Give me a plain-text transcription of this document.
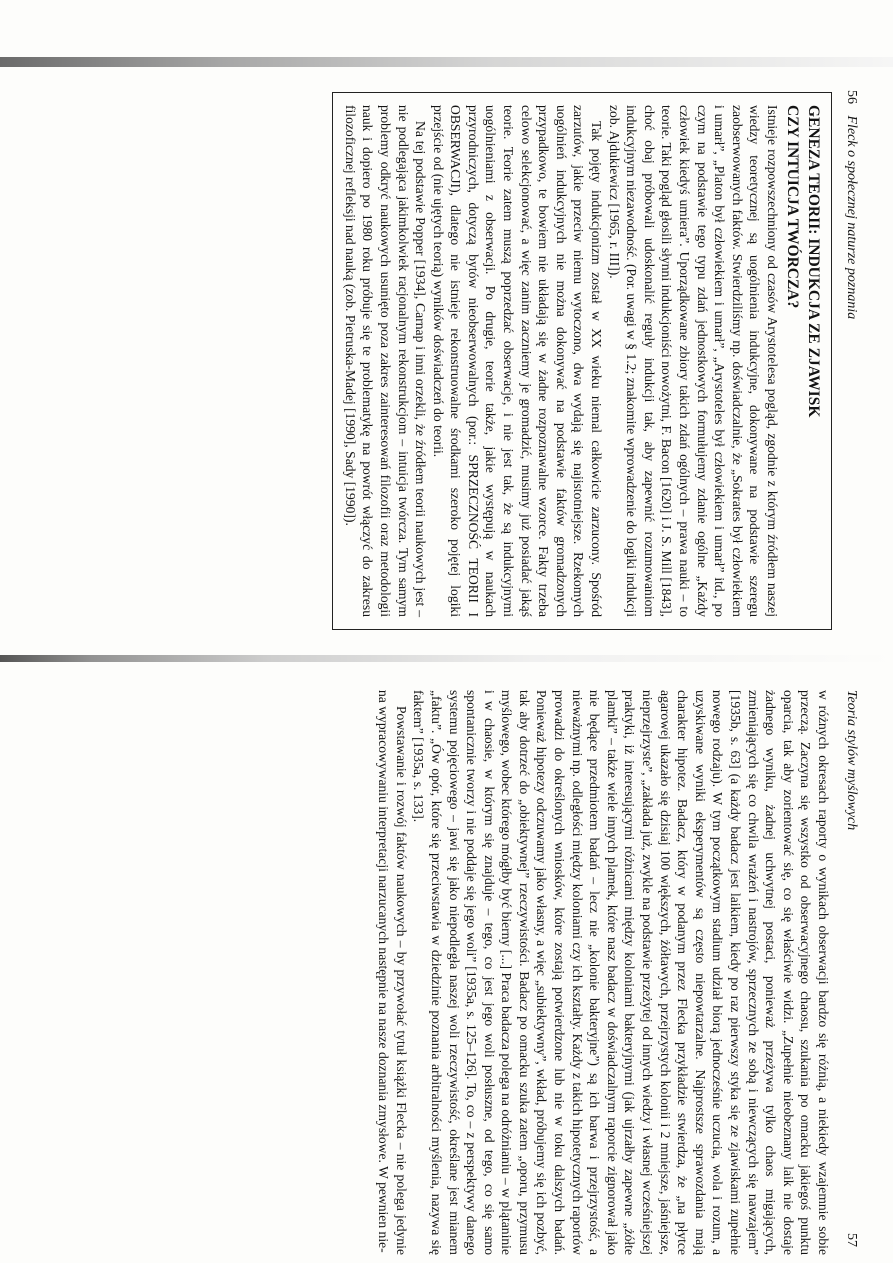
56 Fleck o społecznej naturze poznania

GENEZA TEORII: INDUKCJA ZE ZJAWISK

CZY INTUICJA TWÓRCZA?

Istnieje rozpowszechniony od czasów Arystotelesa pogląd, zgodnie z którym źródłem naszej wiedzy teoretycznej są uogólnienia indukcyjne, dokonywane na podstawie szeregu zaobserwowanych faktów. Stwierdziliśmy np. doświadczalnie, że „Sokrates był człowiekiem i umarł”, „Platon był człowiekiem i umarł”, „Arystoteles był człowiekiem i umarł” itd., po czym na podstawie tego typu zdań jednostkowych formułujemy zdanie ogólne „Każdy człowiek kiedyś umiera”. Uporządkowane zbiory takich zdań ogólnych – prawa nauki – to teorie. Taki pogląd głosili słynni indukcjoniści nowożytni, F. Bacon [1620] i J. S. Mill [1843], choć obaj próbowali udoskonalić reguły indukcji tak, aby zapewnić rozumowaniom indukcyjnym niezawodność. (Por. uwagi w § 1.2; znakomite wprowadzenie do logiki indukcji zob. Ajdukiewicz [1965, r. III]).

Tak pojęty indukcjonizm został w XX wieku niemal całkowicie zarzucony. Spośród zarzutów, jakie przeciw niemu wytoczono, dwa wydają się najistotniejsze. Rzekomych uogólnień indukcyjnych nie można dokonywać na podstawie faktów gromadzonych przypadkowo, te bowiem nie układają się w żadne rozpoznawalne wzorce. Fakty trzeba celowo selekcjonować, a więc zanim zaczniemy je gromadzić, musimy już posiadać jakąś teorie. Teorie zatem muszą poprzedzać obserwacje, i nie jest tak, że są indukcyjnymi uogólnieniami z obserwacji. Po drugie, teorie także, jakie występują w naukach przyrodniczych, dotyczą bytów nieobserwowalnych (por.: SPRZECZNOŚĆ TEORII I OBSERWACJI), dlatego nie istnieje rekonstruowalne środkami szeroko pojętej logiki przejście od (nie ujętych teorią) wyników doświadczeń do teorii.

Na tej podstawie Popper [1934], Carnap i inni orzekli, że źródłem teorii naukowych jest – nie podlegająca jakimkolwiek racjonalnym rekonstrukcjom – intuicja twórcza. Tym samym problemy odkryć naukowych usunięto poza zakres zainteresowań filozofii oraz metodologii nauk i dopiero po 1980 roku próbuje się te problematykę na powrót włączyć do zakresu filozoficznej refleksji nad nauką (zob. Pietruska-Madej [1990], Sady [1990]).

Teoria stylów myślowych
57

w różnych okresach raporty o wynikach obserwacji bardzo się różnią, a niekiedy wzajemnie sobie przeczą. Zaczyna się wszystko od obserwacyjnego chaosu, szukania po omacku jakiegoś punktu oparcia, tak aby zorientować się, co się właściwie widzi. „Zupełnie nieobeznany laik nie dostaje żadnego wyniku, żadnej uchwytnej postaci, ponieważ przeżywa tylko chaos migających, zmieniających się co chwila wrażeń i nastrojów, sprzecznych ze sobą i niewczących się nawzajem” [1935b, s. 63] (a każdy badacz jest laikiem, kiedy po raz pierwszy styka się ze zjawiskami zupełnie nowego rodzaju). W tym początkowym stadium udział biorą jednocześnie uczucia, wola i rozum, a uzyskiwane wyniki eksperymentów są często niepowtarzalne. Najprostsze sprawozdania mają charakter hipotez. Badacz, który w podanym przez Flecka przykładzie stwierdza, że „na płytce agarowej ukazało się dzisiaj 100 większych, żółtawych, przejrzystych kolonii i 2 mniejsze, jaśniejsze, nieprzejrzyste”, „zakłada już, zwykle na podstawie przeżytej od innych wiedzy i własnej wcześniejszej praktyki, iż interesującymi różnicami między koloniami bakteryjnymi (jak ujrzałby zapewne „żółte plamki” – także wiele innych plamek, które nasz badacz w doświadczalnym raporcie zignorował jako nie będące przedmiotem badań – lecz nie „kolonie bakteryjne”) są ich barwa i przejrzystość, a nieważnymi np. odległości między koloniami czy ich kształty. Każdy z takich hipotetycznych raportów prowadzi do określonych wniosków, które zostają potwierdzone lub nie w toku dalszych badań. Ponieważ hipotezy odczuwamy jako własny, a więc „subiektywny”, wkład, próbujemy się ich pozbyć, tak aby dotrzeć do „obiektywnej” rzeczywistości. Badacz po omacku szuka zatem „oporu, przymusu myślowego, wobec którego mógłby być bierny [...] Praca badacza polega na odróżnianiu – w plątaninie i w chaosie, w którym się znajduje – tego, co jest jego woli posłuszne, od tego, co się samo spontanicznie tworzy i nie poddaje się jego woli” [1935a, s. 125–126]. To, co – z perspektywy danego systemu pojęciowego – jawi się jako niepodległa naszej woli rzeczywistość, określane jest mianem „faktu”. „Ów opór, które się przeciwstawia w dziedzinie poznania arbitralności myślenia, nazywa się faktem” [1935a, s. 133].

Powstawanie i rozwój faktów naukowych – by przywołać tytuł książki Flecka – nie polega jedynie na wypracowywaniu interpretacji narzucanych następnie na nasze doznania zmysłowe. W pewnien nie-
